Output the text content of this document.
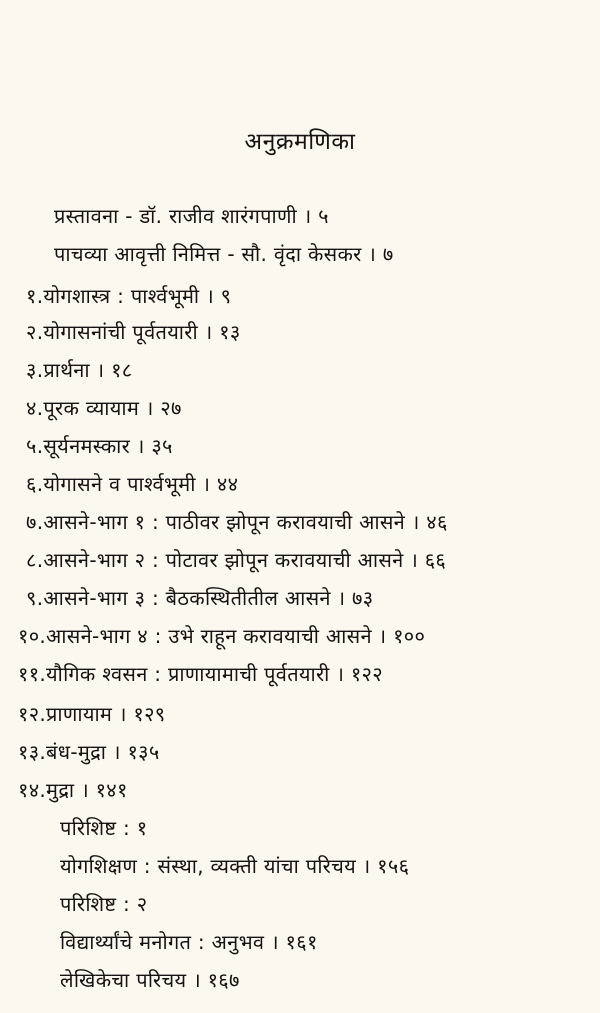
अनुक्रमणिका
प्रस्तावना - डॉ. राजीव शारंगपाणी । ५
पाचव्या आवृत्ती निमित्त - सौ. वृंदा केसकर । ७
१.योगशास्त्र : पार्श्वभूमी । ९
२.योगासनांची पूर्वतयारी । १३
३.प्रार्थना । १८
४.पूरक व्यायाम । २७
५.सूर्यनमस्कार । ३५
६.योगासने व पार्श्वभूमी । ४४
७.आसने-भाग १ : पाठीवर झोपून करावयाची आसने । ४६
८.आसने-भाग २ : पोटावर झोपून करावयाची आसने । ६६
९.आसने-भाग ३ : बैठकस्थितीतील आसने । ७३
१०.आसने-भाग ४ : उभे राहून करावयाची आसने । १००
११.यौगिक श्वसन : प्राणायामाची पूर्वतयारी । १२२
१२.प्राणायाम । १२९
१३.बंध-मुद्रा । १३५
१४.मुद्रा । १४१
परिशिष्ट : १
योगशिक्षण : संस्था, व्यक्ती यांचा परिचय । १५६
परिशिष्ट : २
विद्यार्थ्यांचे मनोगत : अनुभव । १६१
लेखिकेचा परिचय । १६७
